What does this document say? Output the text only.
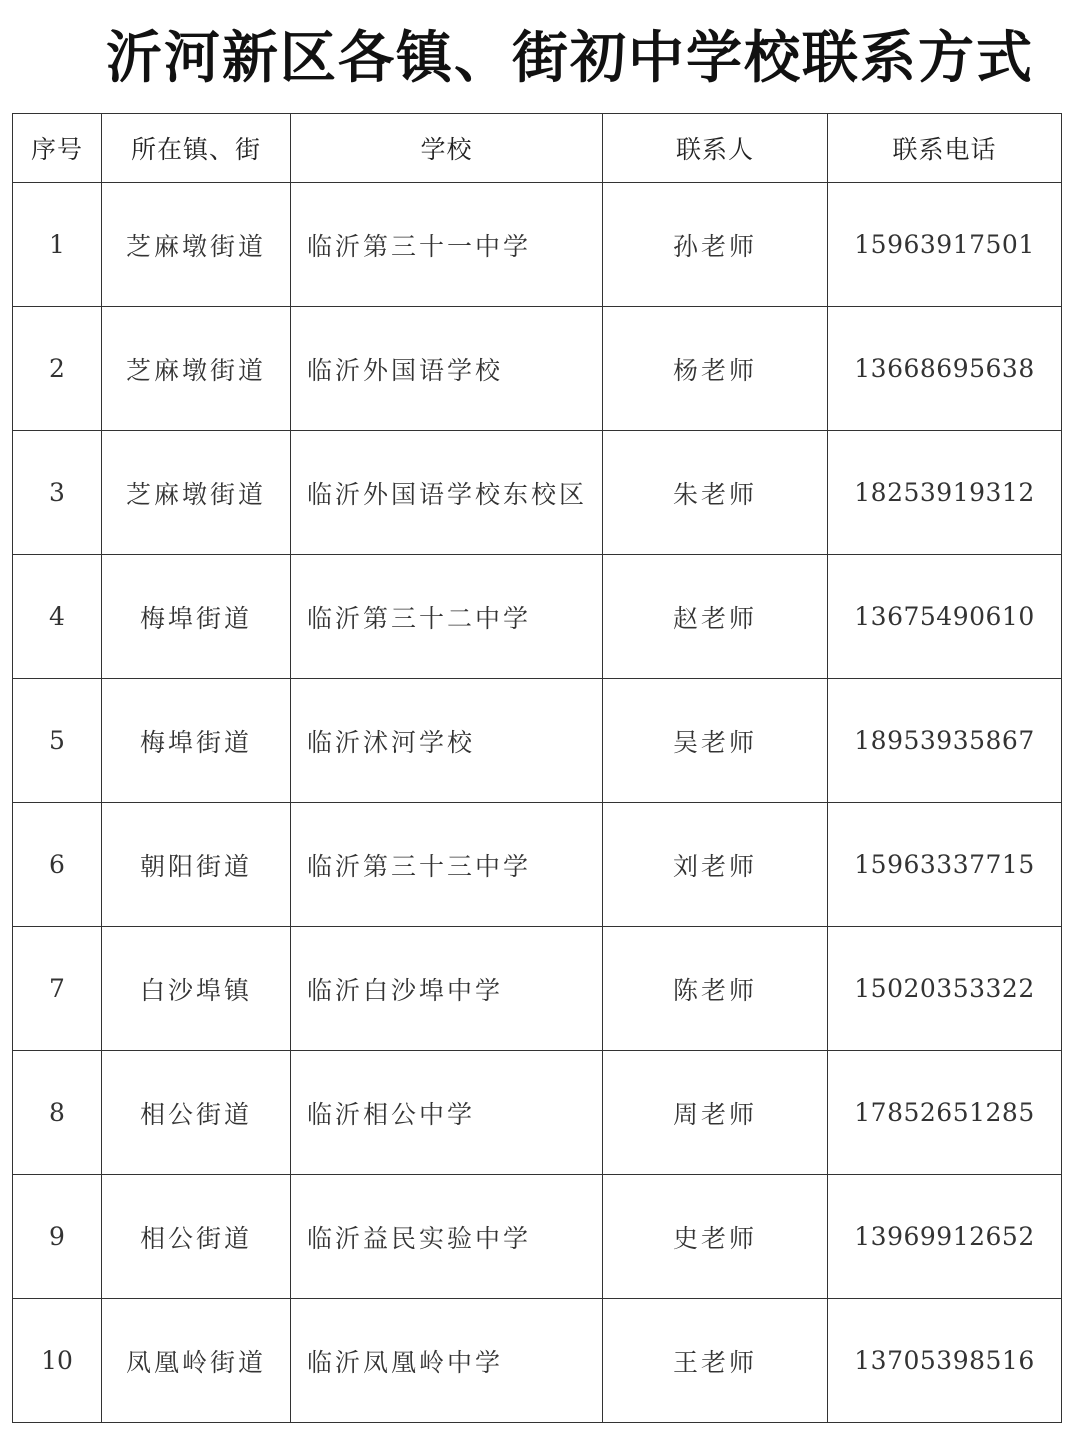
沂河新区各镇、街初中学校联系方式
序号	所在镇、街	学校	联系人	联系电话
1	芝麻墩街道	临沂第三十一中学	孙老师	15963917501
2	芝麻墩街道	临沂外国语学校	杨老师	13668695638
3	芝麻墩街道	临沂外国语学校东校区	朱老师	18253919312
4	梅埠街道	临沂第三十二中学	赵老师	13675490610
5	梅埠街道	临沂沭河学校	吴老师	18953935867
6	朝阳街道	临沂第三十三中学	刘老师	15963337715
7	白沙埠镇	临沂白沙埠中学	陈老师	15020353322
8	相公街道	临沂相公中学	周老师	17852651285
9	相公街道	临沂益民实验中学	史老师	13969912652
10	凤凰岭街道	临沂凤凰岭中学	王老师	13705398516
